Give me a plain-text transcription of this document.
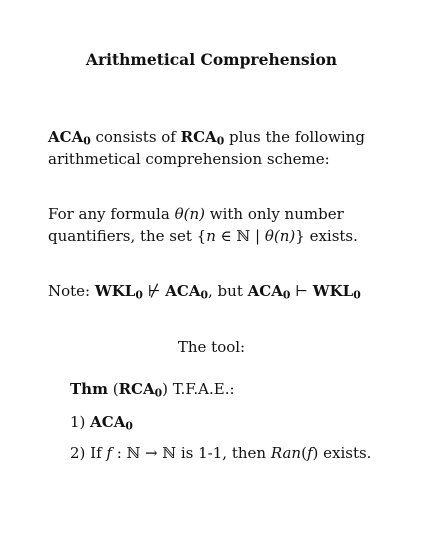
Arithmetical Comprehension
$ACA_0$ consists of $RCA_0$ plus the following
arithmetical comprehension scheme:
For any formula θ(n) with only number
quantifiers, the set {n ∈ ℕ | θ(n)} exists.
Note: $WKL_0$ ⊬ $ACA_0$, but $ACA_0$ ⊢ $WKL_0$
The tool:
Thm $(RCA_0)$ T.F.A.E.:
1) $ACA_0$
2) If f : ℕ → ℕ is 1-1, then Ran(f) exists.
